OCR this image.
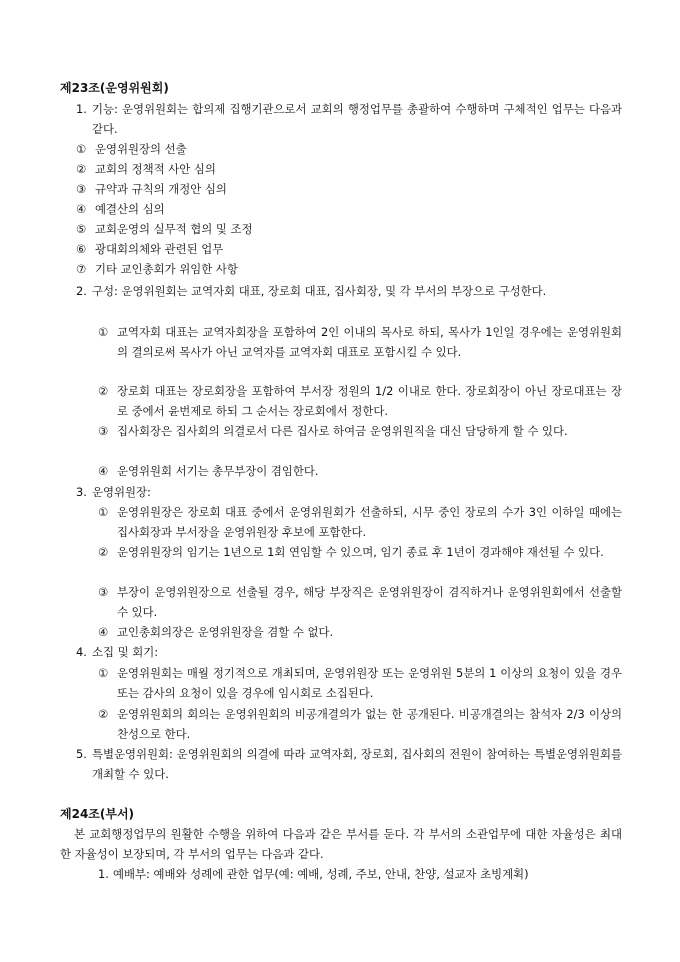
제23조(운영위원회)
1. 기능: 운영위원회는 합의제 집행기관으로서 교회의 행정업무를 총괄하여 수행하며 구체적인 업무는 다음과 같다.
① 운영위원장의 선출
② 교회의 정책적 사안 심의
③ 규약과 규칙의 개정안 심의
④ 예결산의 심의
⑤ 교회운영의 실무적 협의 및 조정
⑥ 광대회의체와 관련된 업무
⑦ 기타 교인총회가 위임한 사항
2. 구성: 운영위원회는 교역자회 대표, 장로회 대표, 집사회장, 및 각 부서의 부장으로 구성한다.
① 교역자회 대표는 교역자회장을 포함하여 2인 이내의 목사로 하되, 목사가 1인일 경우에는 운영위원회의 결의로써 목사가 아닌 교역자를 교역자회 대표로 포함시킬 수 있다.
② 장로회 대표는 장로회장을 포함하여 부서장 정원의 1/2 이내로 한다. 장로회장이 아닌 장로대표는 장로 중에서 윤번제로 하되 그 순서는 장로회에서 정한다.
③ 집사회장은 집사회의 의결로서 다른 집사로 하여금 운영위원직을 대신 담당하게 할 수 있다.
④ 운영위원회 서기는 총무부장이 겸임한다.
3. 운영위원장:
① 운영위원장은 장로회 대표 중에서 운영위원회가 선출하되, 시무 중인 장로의 수가 3인 이하일 때에는 집사회장과 부서장을 운영위원장 후보에 포함한다.
② 운영위원장의 임기는 1년으로 1회 연임할 수 있으며, 임기 종료 후 1년이 경과해야 재선될 수 있다.
③ 부장이 운영위원장으로 선출될 경우, 해당 부장직은 운영위원장이 겸직하거나 운영위원회에서 선출할 수 있다.
④ 교인총회의장은 운영위원장을 겸할 수 없다.
4. 소집 및 회기:
① 운영위원회는 매월 정기적으로 개최되며, 운영위원장 또는 운영위원 5분의 1 이상의 요청이 있을 경우 또는 감사의 요청이 있을 경우에 임시회로 소집된다.
② 운영위원회의 회의는 운영위원회의 비공개결의가 없는 한 공개된다. 비공개결의는 참석자 2/3 이상의 찬성으로 한다.
5. 특별운영위원회: 운영위원회의 의결에 따라 교역자회, 장로회, 집사회의 전원이 참여하는 특별운영위원회를 개최할 수 있다.
제24조(부서)
본 교회행정업무의 원활한 수행을 위하여 다음과 같은 부서를 둔다. 각 부서의 소관업무에 대한 자율성은 최대한 자율성이 보장되며, 각 부서의 업무는 다음과 같다.
1. 예배부: 예배와 성례에 관한 업무(예: 예배, 성례, 주보, 안내, 찬양, 설교자 초빙계획)
